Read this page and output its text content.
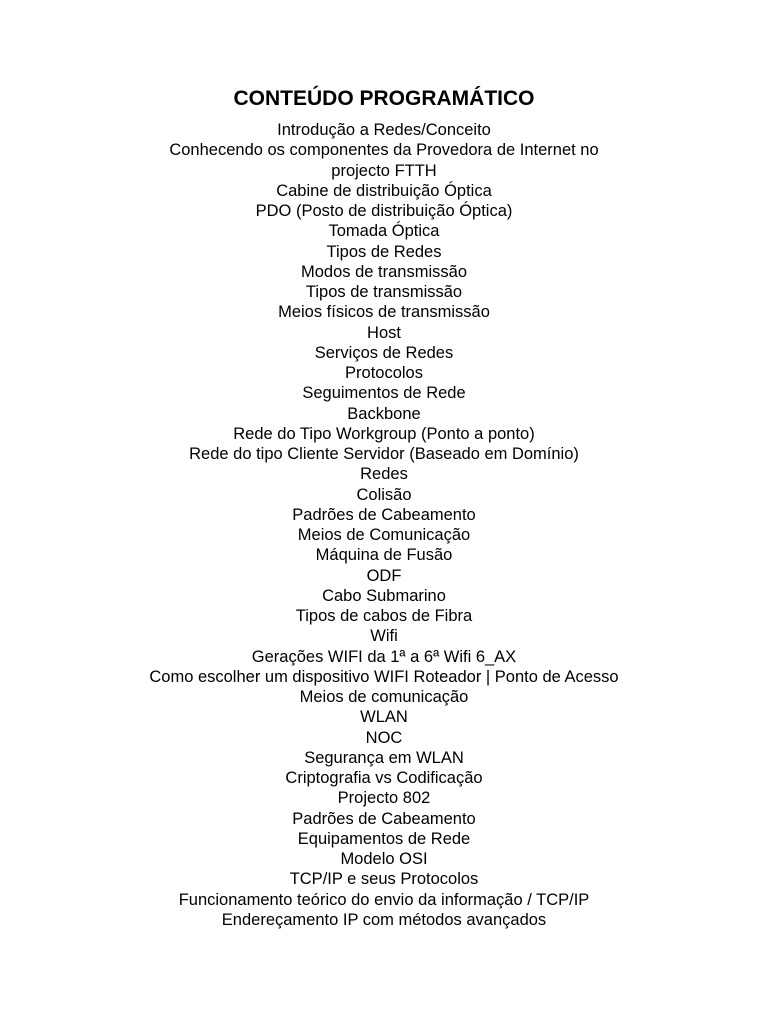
CONTEÚDO PROGRAMÁTICO
Introdução a Redes/Conceito
Conhecendo os componentes da Provedora de Internet no
projecto FTTH
Cabine de distribuição Óptica
PDO (Posto de distribuição Óptica)
Tomada Óptica
Tipos de Redes
Modos de transmissão
Tipos de transmissão
Meios físicos de transmissão
Host
Serviços de Redes
Protocolos
Seguimentos de Rede
Backbone
Rede do Tipo Workgroup (Ponto a ponto)
Rede do tipo Cliente Servidor (Baseado em Domínio)
Redes
Colisão
Padrões de Cabeamento
Meios de Comunicação
Máquina de Fusão
ODF
Cabo Submarino
Tipos de cabos de Fibra
Wifi
Gerações WIFI da 1ª a 6ª Wifi 6_AX
Como escolher um dispositivo WIFI Roteador | Ponto de Acesso
Meios de comunicação
WLAN
NOC
Segurança em WLAN
Criptografia vs Codificação
Projecto 802
Padrões de Cabeamento
Equipamentos de Rede
Modelo OSI
TCP/IP e seus Protocolos
Funcionamento teórico do envio da informação / TCP/IP
Endereçamento IP com métodos avançados
